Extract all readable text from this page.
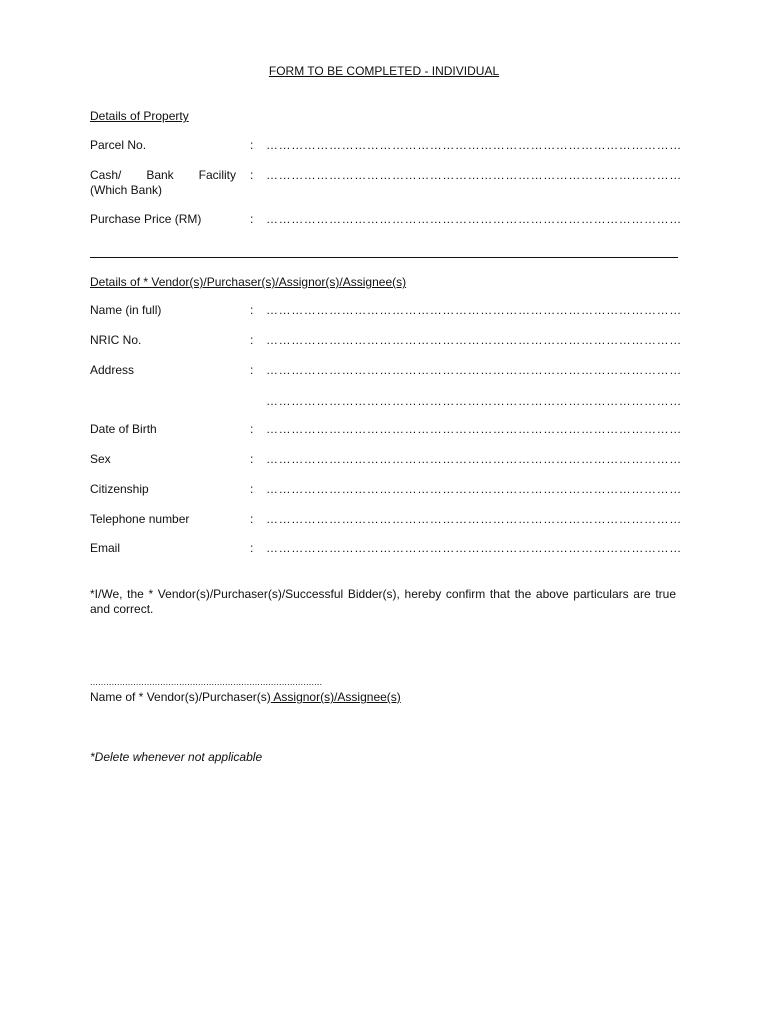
FORM TO BE COMPLETED - INDIVIDUAL
Details of Property
Parcel No.	: ………………………………………………………………………………………
Cash/ Bank Facility
(Which Bank)
: ………………………………………………………………………………………
Purchase Price (RM)	: ………………………………………………………………………………………
Details of * Vendor(s)/Purchaser(s)/Assignor(s)/Assignee(s)
Name (in full)	: ………………………………………………………………………………………
NRIC No.	: ………………………………………………………………………………………
Address	: ………………………………………………………………………………………
………………………………………………………………………………………
Date of Birth	: ………………………………………………………………………………………
Sex	: ………………………………………………………………………………………
Citizenship	: ………………………………………………………………………………………
Telephone number	: ………………………………………………………………………………………
Email	: ………………………………………………………………………………………
*I/We, the * Vendor(s)/Purchaser(s)/Successful Bidder(s), hereby confirm that the above particulars are true and correct.
......................................................................................
Name of * Vendor(s)/Purchaser(s) Assignor(s)/Assignee(s)
*Delete whenever not applicable
